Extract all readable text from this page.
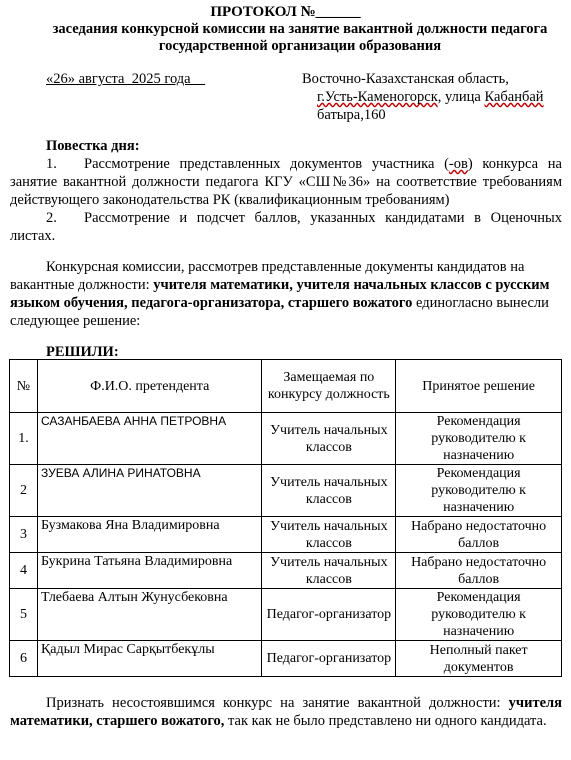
ПРОТОКОЛ №______
заседания конкурсной комиссии на занятие вакантной должности педагога государственной организации образования
«26» августа  2025 года	Восточно-Казахстанская область,
г.Усть-Каменогорск, улица Кабанбай
батыра,160
Повестка дня:
1. Рассмотрение представленных документов участника (-ов) конкурса на занятие вакантной должности педагога КГУ «СШ№36» на соответствие требованиям действующего законодательства РК (квалификационным требованиям)
2. Рассмотрение и подсчет баллов, указанных кандидатами в Оценочных листах.
Конкурсная комиссии, рассмотрев представленные документы кандидатов на вакантные должности: учителя математики, учителя начальных классов с русским языком обучения, педагога-организатора, старшего вожатого единогласно вынесли следующее решение:
РЕШИЛИ:
№	Ф.И.О. претендента	Замещаемая по конкурсу должность	Принятое решение
1.	САЗАНБАЕВА АННА ПЕТРОВНА	Учитель начальных классов	Рекомендация руководителю к назначению
2	ЗУЕВА АЛИНА РИНАТОВНА	Учитель начальных классов	Рекомендация руководителю к назначению
3	Бузмакова Яна Владимировна	Учитель начальных классов	Набрано недостаточно баллов
4	Букрина Татьяна Владимировна	Учитель начальных классов	Набрано недостаточно баллов
5	Тлебаева Алтын Жунусбековна	Педагог-организатор	Рекомендация руководителю к назначению
6	Қадыл Мирас Сарқытбекұлы	Педагог-организатор	Неполный пакет документов
Признать несостоявшимся конкурс на занятие вакантной должности: учителя математики, старшего вожатого, так как не было представлено ни одного кандидата.
